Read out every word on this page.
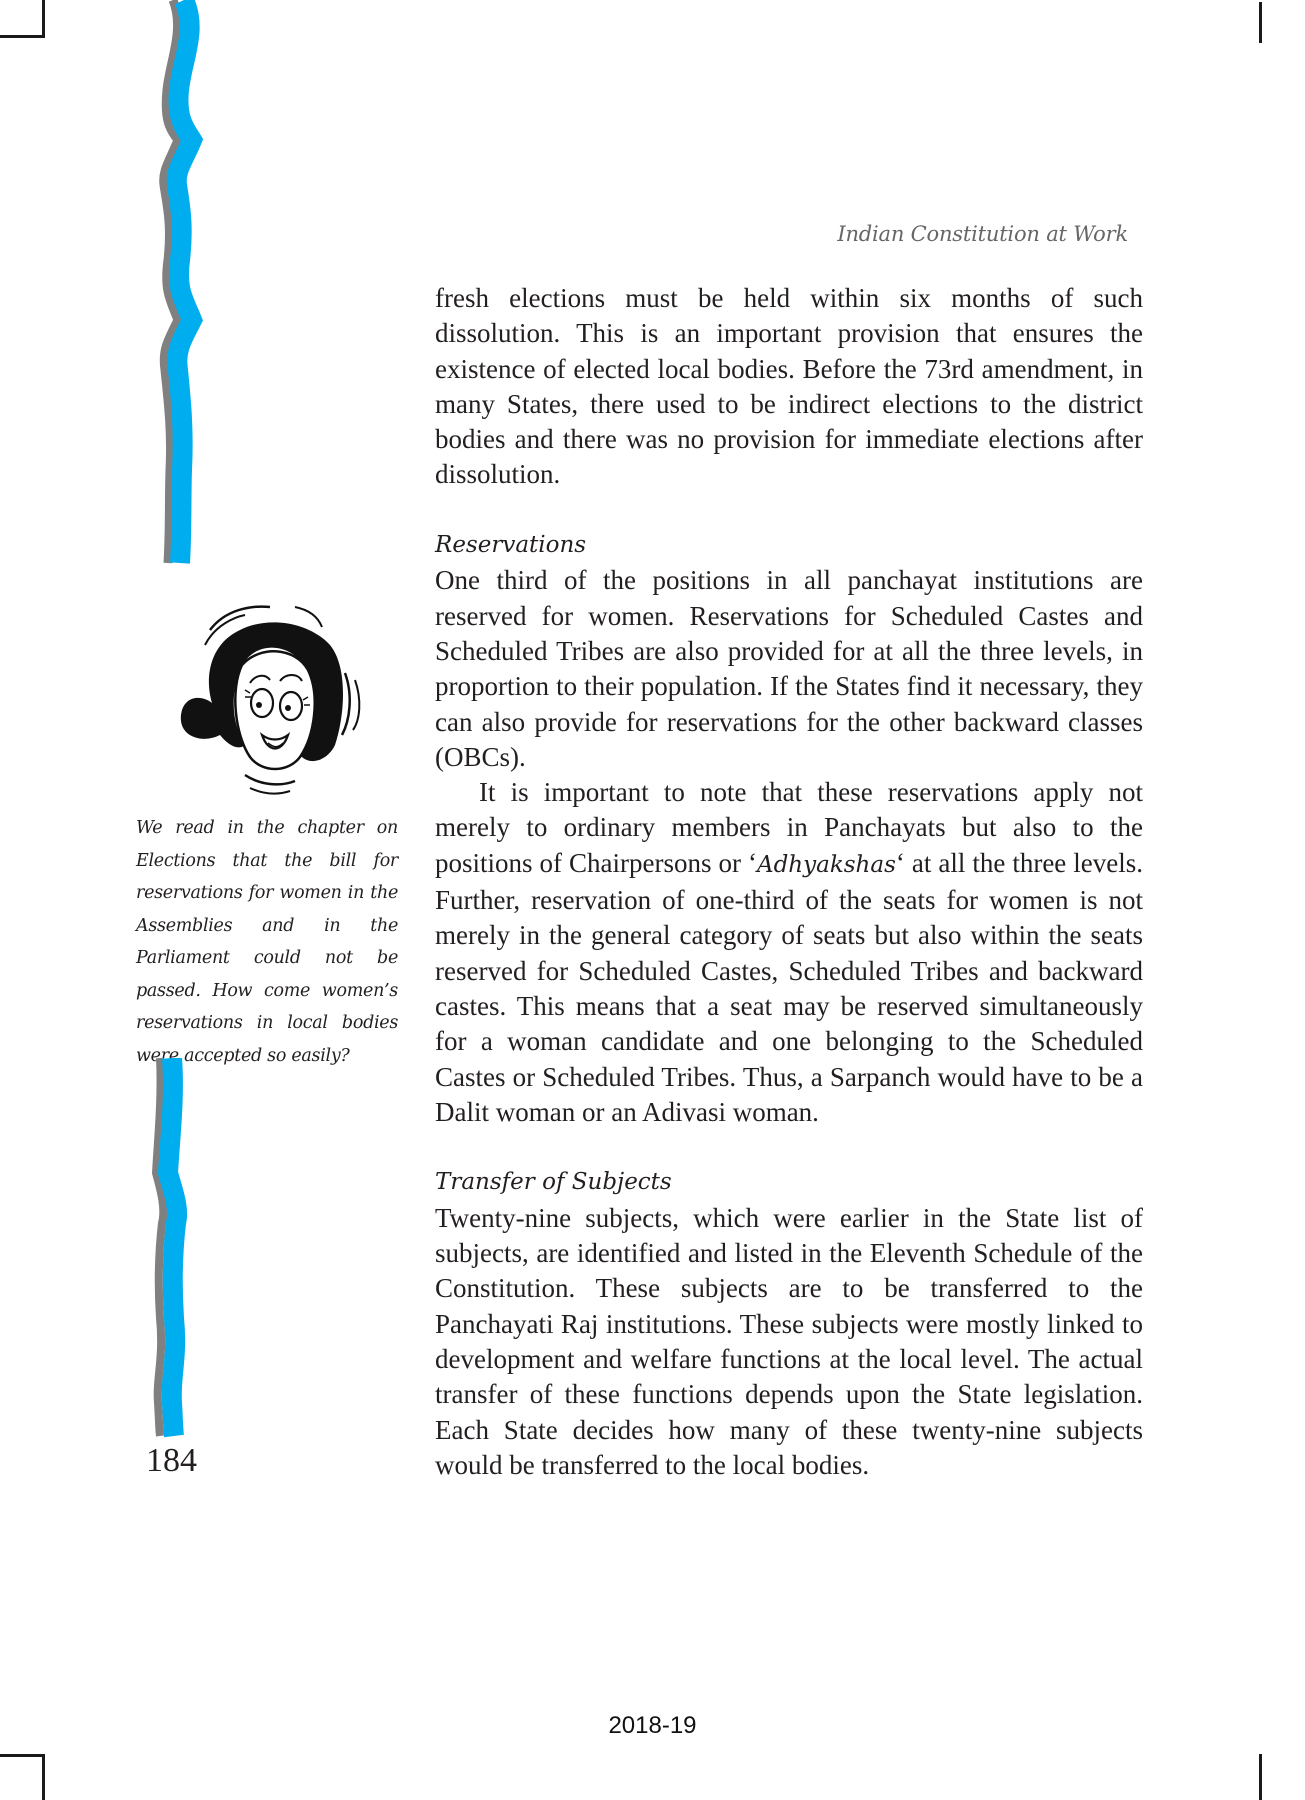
Indian Constitution at Work
We read in the chapter on Elections that the bill for reservations for women in the Assemblies and in the Parliament could not be passed. How come women’s reservations in local bodies were accepted so easily?
184

fresh elections must be held within six months of such dissolution. This is an important provision that ensures the existence of elected local bodies. Before the 73rd amendment, in many States, there used to be indirect elections to the district bodies and there was no provision for immediate elections after dissolution.

Reservations

One third of the positions in all panchayat institutions are reserved for women. Reservations for Scheduled Castes and Scheduled Tribes are also provided for at all the three levels, in proportion to their population. If the States find it necessary, they can also provide for reservations for the other backward classes (OBCs).

It is important to note that these reservations apply not merely to ordinary members in Panchayats but also to the positions of Chairpersons or ‘Adhyakshas‘ at all the three levels. Further, reservation of one-third of the seats for women is not merely in the general category of seats but also within the seats reserved for Scheduled Castes, Scheduled Tribes and backward castes. This means that a seat may be reserved simultaneously for a woman candidate and one belonging to the Scheduled Castes or Scheduled Tribes. Thus, a Sarpanch would have to be a Dalit woman or an Adivasi woman.

Transfer of Subjects

Twenty-nine subjects, which were earlier in the State list of subjects, are identified and listed in the Eleventh Schedule of the Constitution. These subjects are to be transferred to the Panchayati Raj institutions. These subjects were mostly linked to development and welfare functions at the local level. The actual transfer of these functions depends upon the State legislation. Each State decides how many of these twenty-nine subjects would be transferred to the local bodies.

2018-19
